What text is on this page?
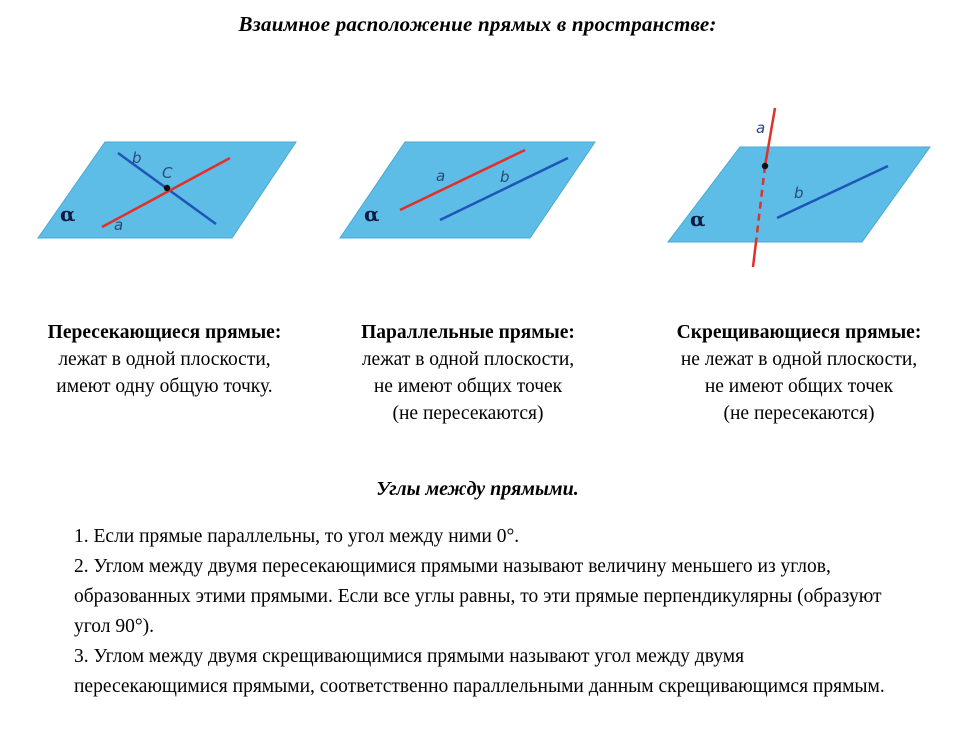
Взаимное расположение прямых в пространстве:
α
b
a
C
α
a	b
α
a
b
Пересекающиеся прямые:
лежат в одной плоскости,
имеют одну общую точку.
Параллельные прямые:
лежат в одной плоскости,
не имеют общих точек
(не пересекаются)
Скрещивающиеся прямые:
не лежат в одной плоскости,
не имеют общих точек
(не пересекаются)
Углы между прямыми.

1. Если прямые параллельны, то угол между ними 0°.

2. Углом между двумя пересекающимися прямыми называют величину меньшего из углов, образованных этими прямыми. Если все углы равны, то эти прямые перпендикулярны (образуют угол 90°).

3. Углом между двумя скрещивающимися прямыми называют угол между двумя пересекающимися прямыми, соответственно параллельными данным скрещивающимся прямым.
